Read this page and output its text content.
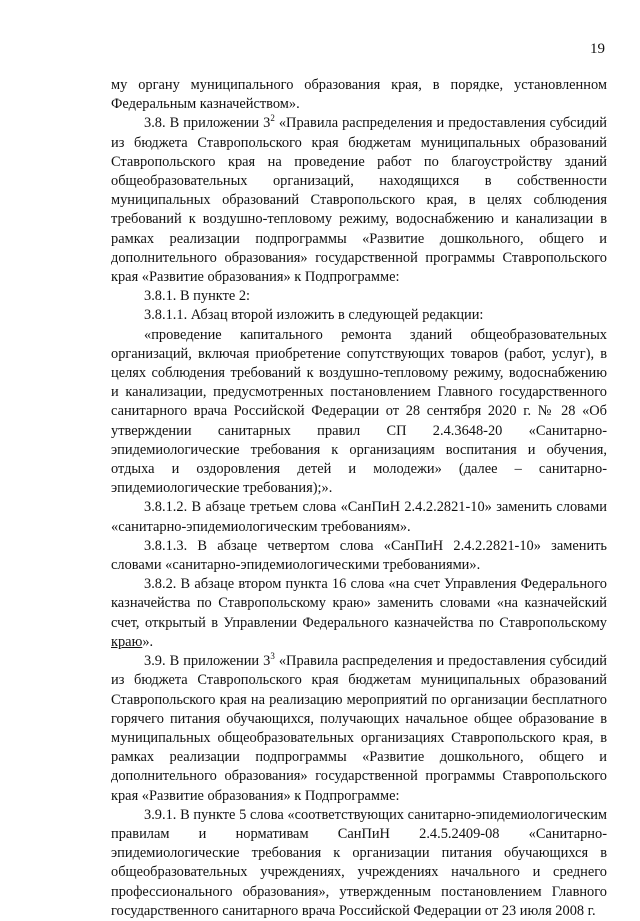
19

му органу муниципального образования края, в порядке, установленном Федеральным казначейством».

3.8. В приложении $3^2$ «Правила распределения и предоставления субсидий из бюджета Ставропольского края бюджетам муниципальных образований Ставропольского края на проведение работ по благоустройству зданий общеобразовательных организаций, находящихся в собственности муниципальных образований Ставропольского края, в целях соблюдения требований к воздушно-тепловому режиму, водоснабжению и канализации в рамках реализации подпрограммы «Развитие дошкольного, общего и дополнительного образования» государственной программы Ставропольского края «Развитие образования» к Подпрограмме:

3.8.1. В пункте 2:

3.8.1.1. Абзац второй изложить в следующей редакции:

«проведение капитального ремонта зданий общеобразовательных организаций, включая приобретение сопутствующих товаров (работ, услуг), в целях соблюдения требований к воздушно-тепловому режиму, водоснабжению и канализации, предусмотренных постановлением Главного государственного санитарного врача Российской Федерации от 28 сентября 2020 г. № 28 «Об утверждении санитарных правил СП 2.4.3648-20 «Санитарно-эпидемиологические требования к организациям воспитания и обучения, отдыха и оздоровления детей и молодежи» (далее – санитарно-эпидемиологические требования);».

3.8.1.2. В абзаце третьем слова «СанПиН 2.4.2.2821-10» заменить словами «санитарно-эпидемиологическим требованиям».

3.8.1.3. В абзаце четвертом слова «СанПиН 2.4.2.2821-10» заменить словами «санитарно-эпидемиологическими требованиями».

3.8.2. В абзаце втором пункта 16 слова «на счет Управления Федерального казначейства по Ставропольскому краю» заменить словами «на казначейский счет, открытый в Управлении Федерального казначейства по Ставропольскому краю».

3.9. В приложении $3^3$ «Правила распределения и предоставления субсидий из бюджета Ставропольского края бюджетам муниципальных образований Ставропольского края на реализацию мероприятий по организации бесплатного горячего питания обучающихся, получающих начальное общее образование в муниципальных общеобразовательных организациях Ставропольского края, в рамках реализации подпрограммы «Развитие дошкольного, общего и дополнительного образования» государственной программы Ставропольского края «Развитие образования» к Подпрограмме:

3.9.1. В пункте 5 слова «соответствующих санитарно-эпидемиологическим правилам и нормативам СанПиН 2.4.5.2409-08 «Санитарно-эпидемиологические требования к организации питания обучающихся в общеобразовательных учреждениях, учреждениях начального и среднего профессионального образования», утвержденным постановлением Главного государственного санитарного врача Российской Федерации от 23 июля 2008 г.
